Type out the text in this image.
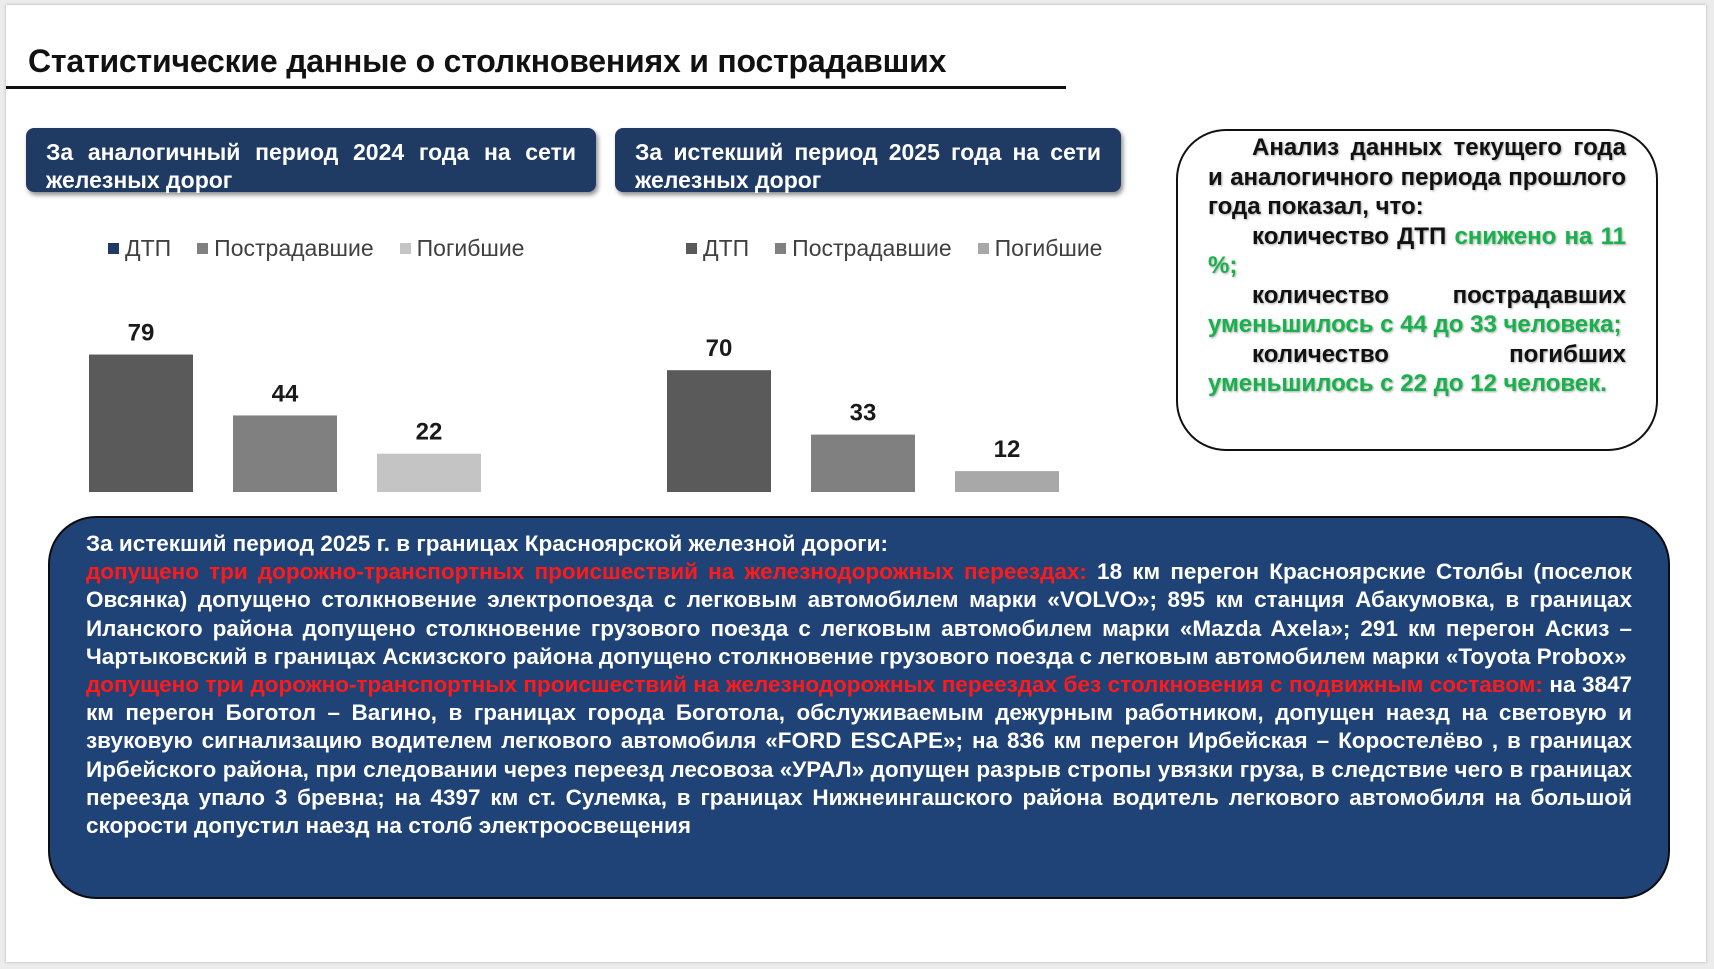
Статистические данные о столкновениях и пострадавших
За аналогичный период 2024 года на сети железных дорог
За истекший период 2025 года на сети железных дорог
ДТП Пострадавшие Погибшие	ДТП Пострадавшие Погибшие
79
44
22
70
33
12

Анализ данных текущего года и аналогичного периода прошлого года показал, что:

количество ДТП снижено на 11 %;

количество пострадавших уменьшилось с 44 до 33 человека;

количество погибших уменьшилось с 22 до 12 человек.

За истекший период 2025 г. в границах Красноярской железной дороги:

допущено три дорожно-транспортных происшествий на железнодорожных переездах: 18 км перегон Красноярские Столбы (поселок Овсянка) допущено столкновение электропоезда с легковым автомобилем марки «VOLVO»; 895 км станция Абакумовка, в границах Иланского района допущено столкновение грузового поезда с легковым автомобилем марки «Mazda Axela»; 291 км перегон Аскиз – Чартыковский в границах Аскизского района допущено столкновение грузового поезда с легковым автомобилем марки «Toyota Probox»

допущено три дорожно-транспортных происшествий на железнодорожных переездах без столкновения с подвижным составом: на 3847 км перегон Боготол – Вагино, в границах города Боготола, обслуживаемым дежурным работником, допущен наезд на световую и звуковую сигнализацию водителем легкового автомобиля «FORD ESCAPE»; на 836 км перегон Ирбейская – Коростелёво , в границах Ирбейского района, при следовании через переезд лесовоза «УРАЛ» допущен разрыв стропы увязки груза, в следствие чего в границах переезда упало 3 бревна; на 4397 км ст. Сулемка, в границах Нижнеингашского района водитель легкового автомобиля на большой скорости допустил наезд на столб электроосвещения
